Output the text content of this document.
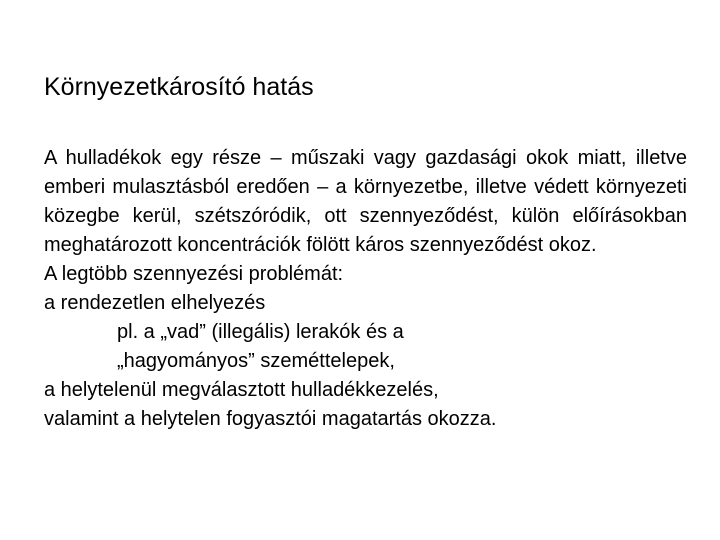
Környezetkárosító hatás

A hulladékok egy része – műszaki vagy gazdasági okok miatt, illetve emberi mulasztásból eredően – a környezetbe, illetve védett környezeti közegbe kerül, szétszóródik, ott szennyeződést, külön előírásokban meghatározott koncentrációk fölött káros szennyeződést okoz.

A legtöbb szennyezési problémát:

a rendezetlen elhelyezés

pl. a „vad” (illegális) lerakók és a

„hagyományos” szeméttelepek,

a helytelenül megválasztott hulladékkezelés,

valamint a helytelen fogyasztói magatartás okozza.
